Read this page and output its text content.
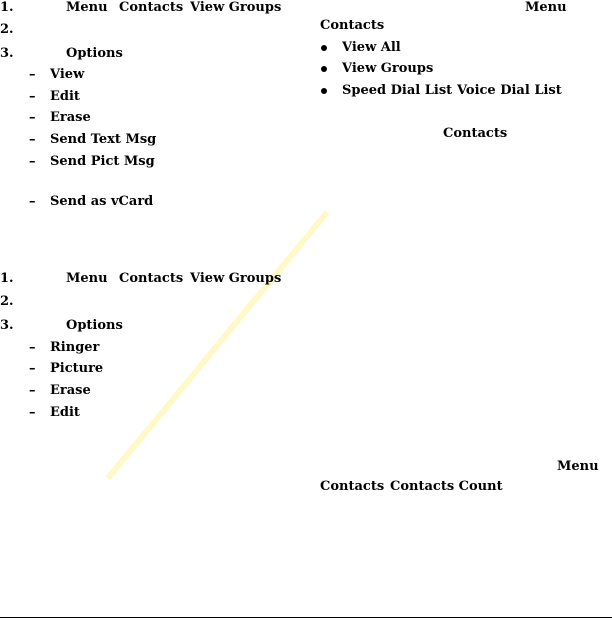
1.	Menu Contacts View Groups
2.
3.	Options
– View
– Edit
– Erase
– Send Text Msg
– Send Pict Msg
– Send as vCard
1.	Menu Contacts View Groups
2.
3.	Options
– Ringer
– Picture
– Erase
– Edit
Menu
Contacts
View All
View Groups
Speed Dial List Voice Dial List
Contacts
Menu
Contacts Contacts Count
